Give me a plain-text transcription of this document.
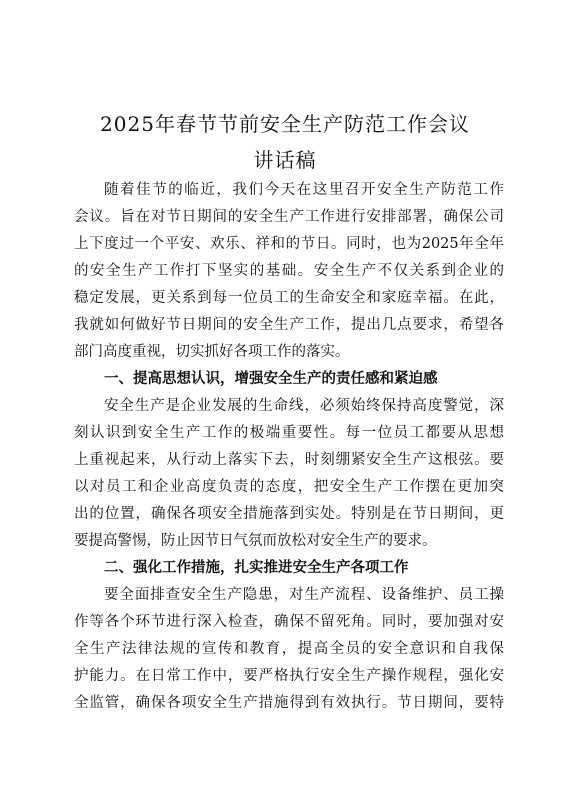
2025年春节节前安全生产防范工作会议
讲话稿
随着佳节的临近，我们今天在这里召开安全生产防范工作
会议。旨在对节日期间的安全生产工作进行安排部署，确保公司
上下度过一个平安、欢乐、祥和的节日。同时，也为2025年全年
的安全生产工作打下坚实的基础。安全生产不仅关系到企业的
稳定发展，更关系到每一位员工的生命安全和家庭幸福。在此，
我就如何做好节日期间的安全生产工作，提出几点要求，希望各
部门高度重视，切实抓好各项工作的落实。
一、提高思想认识，增强安全生产的责任感和紧迫感
安全生产是企业发展的生命线，必须始终保持高度警觉，深
刻认识到安全生产工作的极端重要性。每一位员工都要从思想
上重视起来，从行动上落实下去，时刻绷紧安全生产这根弦。要
以对员工和企业高度负责的态度，把安全生产工作摆在更加突
出的位置，确保各项安全措施落到实处。特别是在节日期间，更
要提高警惕，防止因节日气氛而放松对安全生产的要求。
二、强化工作措施，扎实推进安全生产各项工作
要全面排查安全生产隐患，对生产流程、设备维护、员工操
作等各个环节进行深入检查，确保不留死角。同时，要加强对安
全生产法律法规的宣传和教育，提高全员的安全意识和自我保
护能力。在日常工作中，要严格执行安全生产操作规程，强化安
全监管，确保各项安全生产措施得到有效执行。节日期间，要特
